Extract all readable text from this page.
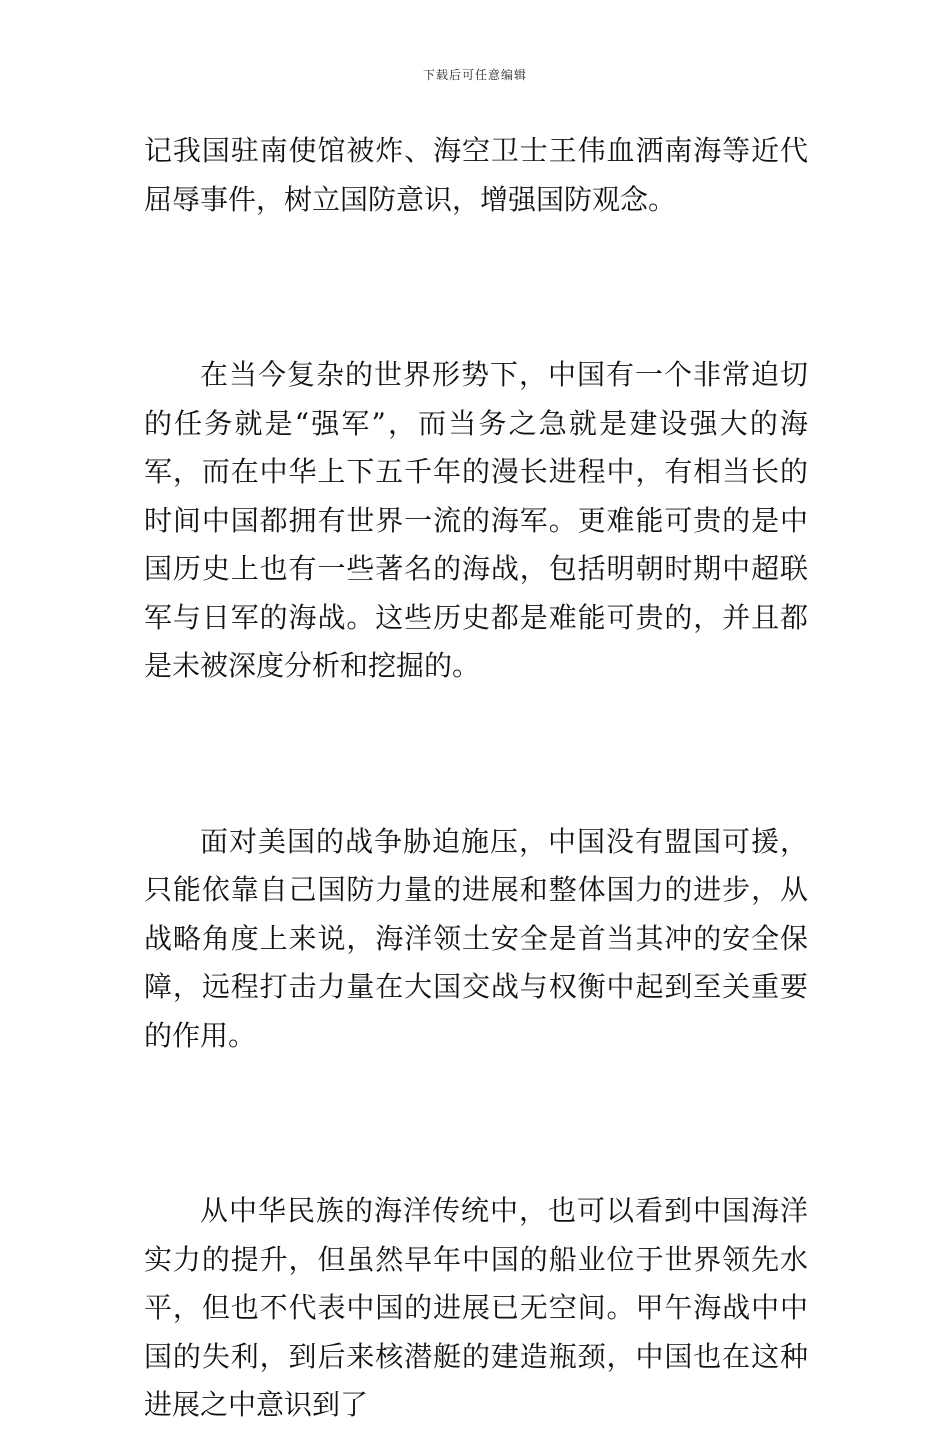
下载后可任意编辑

记我国驻南使馆被炸、海空卫士王伟血洒南海等近代屈辱事件，树立国防意识，增强国防观念。

在当今复杂的世界形势下，中国有一个非常迫切的任务就是“强军”，而当务之急就是建设强大的海军，而在中华上下五千年的漫长进程中，有相当长的时间中国都拥有世界一流的海军。更难能可贵的是中国历史上也有一些著名的海战，包括明朝时期中超联军与日军的海战。这些历史都是难能可贵的，并且都是未被深度分析和挖掘的。

面对美国的战争胁迫施压，中国没有盟国可援，只能依靠自己国防力量的进展和整体国力的进步，从战略角度上来说，海洋领土安全是首当其冲的安全保障，远程打击力量在大国交战与权衡中起到至关重要的作用。

从中华民族的海洋传统中，也可以看到中国海洋实力的提升，但虽然早年中国的船业位于世界领先水平，但也不代表中国的进展已无空间。甲午海战中中国的失利，到后来核潜艇的建造瓶颈，中国也在这种进展之中意识到了
